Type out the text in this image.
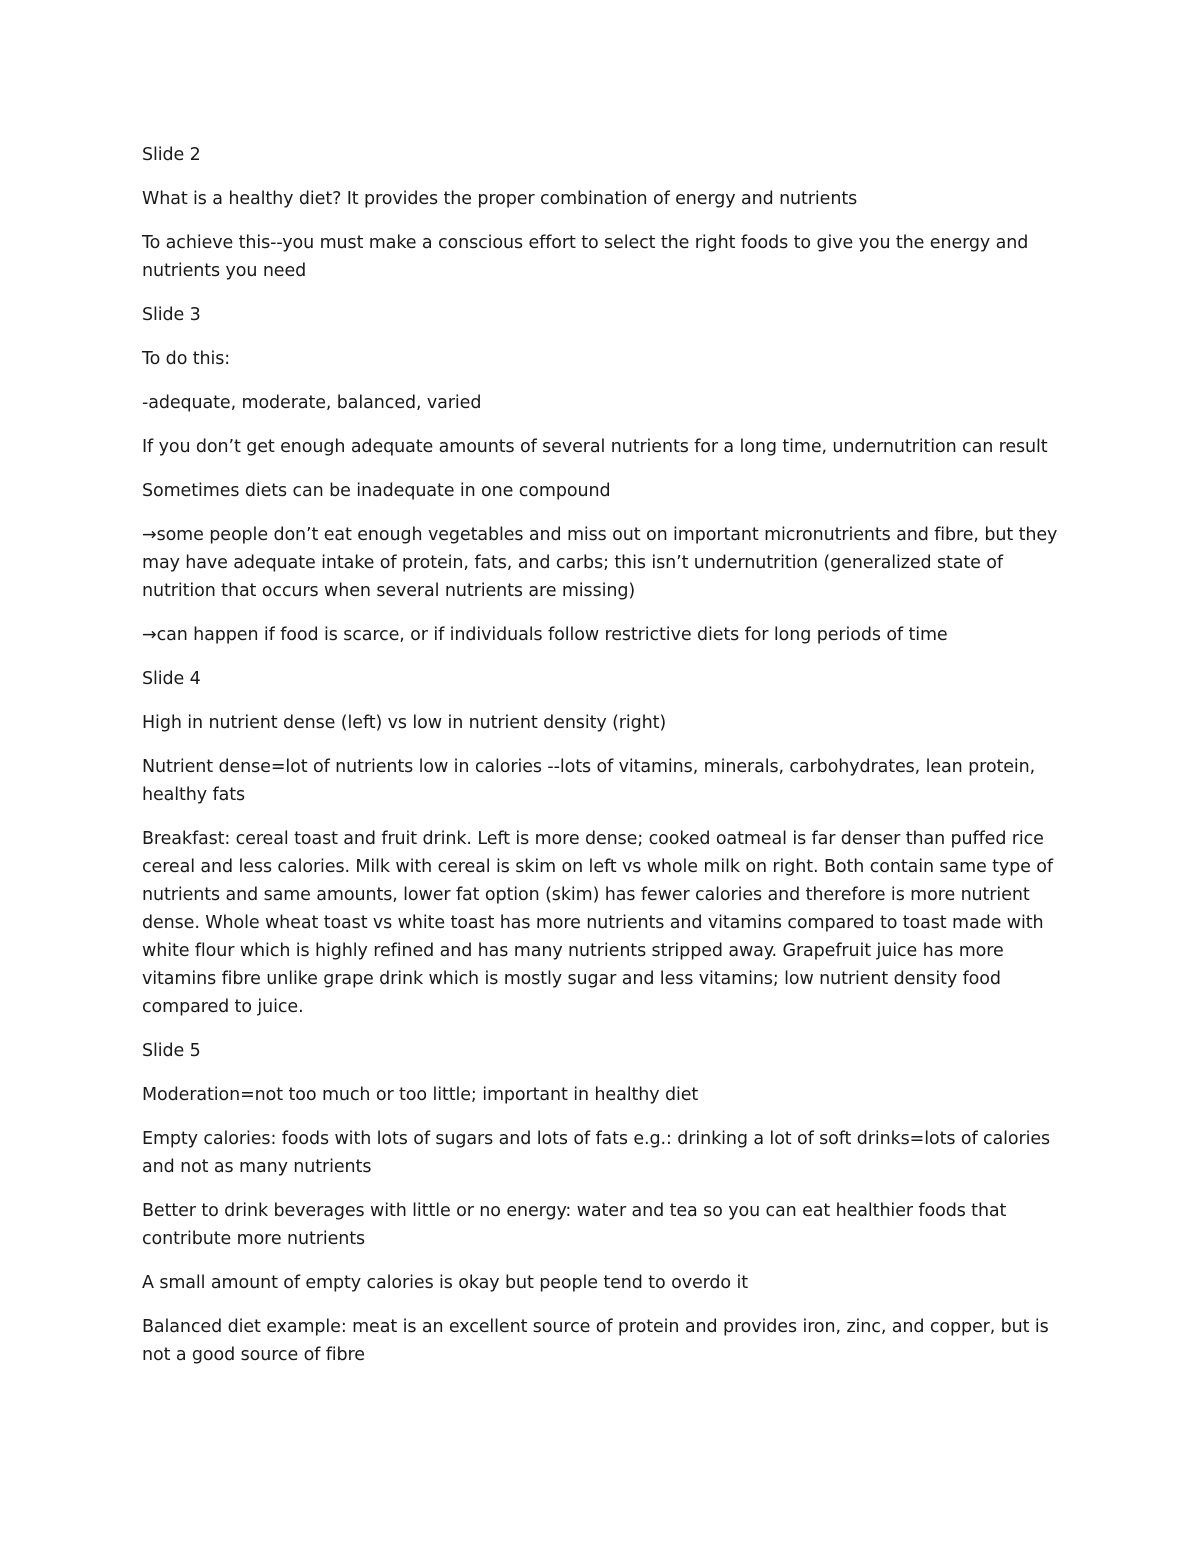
Slide 2

What is a healthy diet? It provides the proper combination of energy and nutrients

To achieve this--you must make a conscious effort to select the right foods to give you the energy and nutrients you need

Slide 3

To do this:

-adequate, moderate, balanced, varied

If you don’t get enough adequate amounts of several nutrients for a long time, undernutrition can result

Sometimes diets can be inadequate in one compound

→some people don’t eat enough vegetables and miss out on important micronutrients and fibre, but they may have adequate intake of protein, fats, and carbs; this isn’t undernutrition (generalized state of nutrition that occurs when several nutrients are missing)

→can happen if food is scarce, or if individuals follow restrictive diets for long periods of time

Slide 4

High in nutrient dense (left) vs low in nutrient density (right)

Nutrient dense=lot of nutrients low in calories --lots of vitamins, minerals, carbohydrates, lean protein, healthy fats

Breakfast: cereal toast and fruit drink. Left is more dense; cooked oatmeal is far denser than puffed rice cereal and less calories. Milk with cereal is skim on left vs whole milk on right. Both contain same type of nutrients and same amounts, lower fat option (skim) has fewer calories and therefore is more nutrient dense. Whole wheat toast vs white toast has more nutrients and vitamins compared to toast made with white flour which is highly refined and has many nutrients stripped away. Grapefruit juice has more vitamins fibre unlike grape drink which is mostly sugar and less vitamins; low nutrient density food compared to juice.

Slide 5

Moderation=not too much or too little; important in healthy diet

Empty calories: foods with lots of sugars and lots of fats e.g.: drinking a lot of soft drinks=lots of calories and not as many nutrients

Better to drink beverages with little or no energy: water and tea so you can eat healthier foods that contribute more nutrients

A small amount of empty calories is okay but people tend to overdo it

Balanced diet example: meat is an excellent source of protein and provides iron, zinc, and copper, but is not a good source of fibre
